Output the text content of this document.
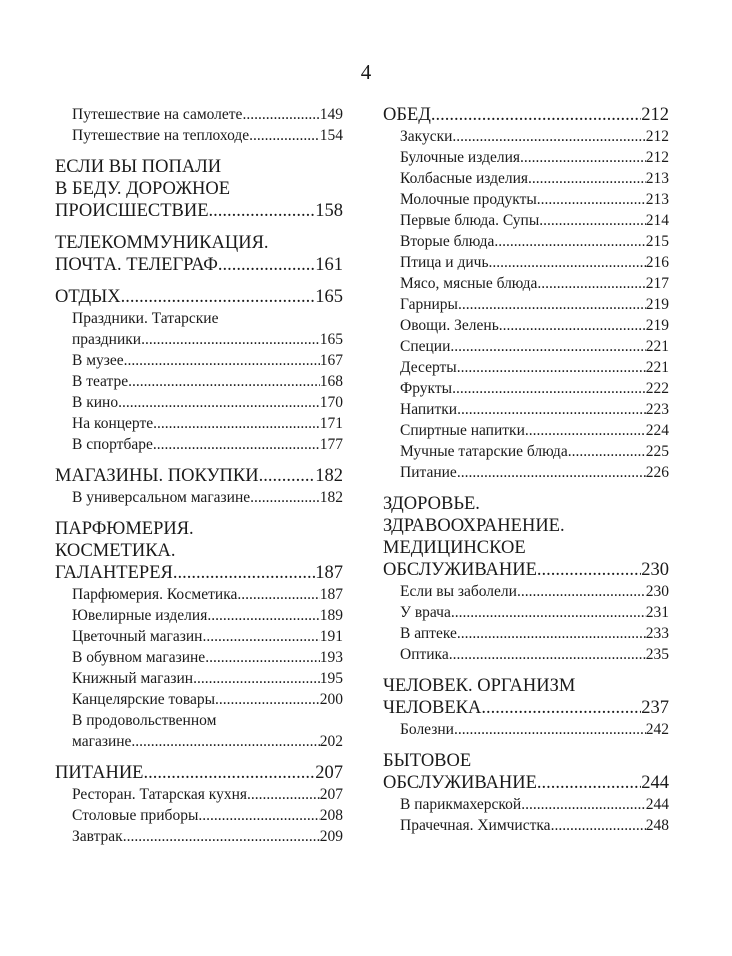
4
Путешествие на самолете .....	149
Путешествие на теплоходе .....	154
ЕСЛИ ВЫ ПОПАЛИ
В БЕДУ. ДОРОЖНОЕ
ПРОИСШЕСТВИЕ .....	158
ТЕЛЕКОММУНИКАЦИЯ.
ПОЧТА. ТЕЛЕГРАФ .....	161
ОТДЫХ .....	165
Праздники. Татарские
праздники .....	165
В музее .....	167
В театре .....	168
В кино .....	170
На концерте .....	171
В спортбаре .....	177
МАГАЗИНЫ. ПОКУПКИ .....	182
В универсальном магазине .....	182
ПАРФЮМЕРИЯ.
КОСМЕТИКА.
ГАЛАНТЕРЕЯ .....	187
Парфюмерия. Косметика .....	187
Ювелирные изделия .....	189
Цветочный магазин .....	191
В обувном магазине .....	193
Книжный магазин .....	195
Канцелярские товары .....	200
В продовольственном
магазине .....	202
ПИТАНИЕ .....	207
Ресторан. Татарская кухня .....	207
Столовые приборы .....	208
Завтрак .....	209
ОБЕД .....	212
Закуски .....	212
Булочные изделия .....	212
Колбасные изделия .....	213
Молочные продукты .....	213
Первые блюда. Супы .....	214
Вторые блюда .....	215
Птица и дичь .....	216
Мясо, мясные блюда .....	217
Гарниры .....	219
Овощи. Зелень .....	219
Специи .....	221
Десерты .....	221
Фрукты .....	222
Напитки .....	223
Спиртные напитки .....	224
Мучные татарские блюда .....	225
Питание .....	226
ЗДОРОВЬЕ.
ЗДРАВООХРАНЕНИЕ.
МЕДИЦИНСКОЕ
ОБСЛУЖИВАНИЕ .....	230
Если вы заболели .....	230
У врача .....	231
В аптеке .....	233
Оптика .....	235
ЧЕЛОВЕК. ОРГАНИЗМ
ЧЕЛОВЕКА .....	237
Болезни .....	242
БЫТОВОЕ
ОБСЛУЖИВАНИЕ .....	244
В парикмахерской .....	244
Прачечная. Химчистка .....	248
